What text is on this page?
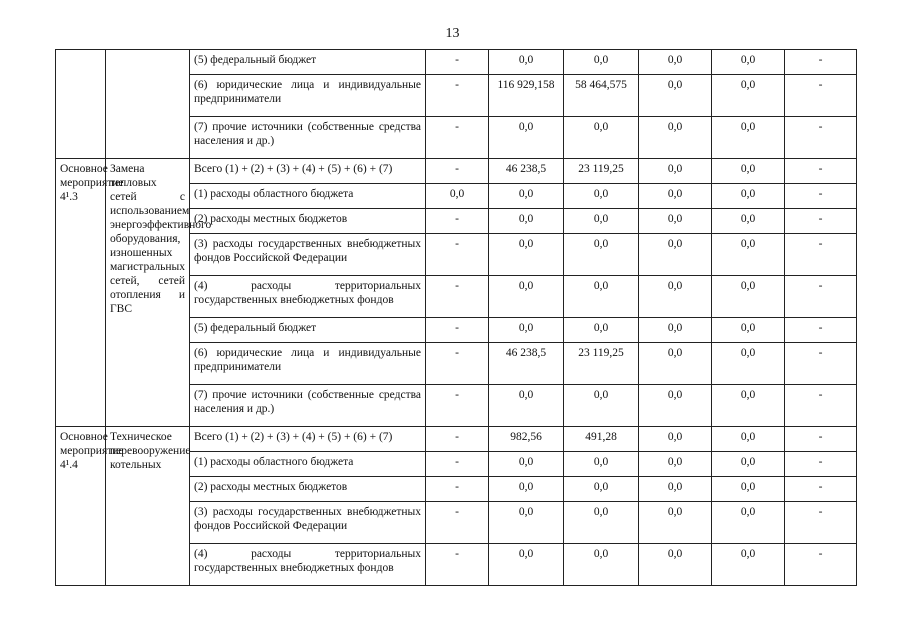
13
		(5) федеральный бюджет	-	0,0	0,0	0,0	0,0	-
		(6) юридические лица и индивидуальные предприниматели	-	116 929,158	58 464,575	0,0	0,0	-
		(7) прочие источники (собственные средства населения и др.)	-	0,0	0,0	0,0	0,0	-
Основное мероприятие 4¹.3	Замена тепловых сетей с использованием энергоэффективного оборудования, изношенных магистральных сетей, сетей отопления и ГВС	Всего (1) + (2) + (3) + (4) + (5) + (6) + (7)	-	46 238,5	23 119,25	0,0	0,0	-
		(1) расходы областного бюджета	0,0	0,0	0,0	0,0	0,0	-
		(2) расходы местных бюджетов	-	0,0	0,0	0,0	0,0	-
		(3) расходы государственных внебюджетных фондов Российской Федерации	-	0,0	0,0	0,0	0,0	-
		(4) расходы территориальных государственных внебюджетных фондов	-	0,0	0,0	0,0	0,0	-
		(5) федеральный бюджет	-	0,0	0,0	0,0	0,0	-
		(6) юридические лица и индивидуальные предприниматели	-	46 238,5	23 119,25	0,0	0,0	-
		(7) прочие источники (собственные средства населения и др.)	-	0,0	0,0	0,0	0,0	-
Основное мероприятие 4¹.4	Техническое перевооружение котельных	Всего (1) + (2) + (3) + (4) + (5) + (6) + (7)	-	982,56	491,28	0,0	0,0	-
		(1) расходы областного бюджета	-	0,0	0,0	0,0	0,0	-
		(2) расходы местных бюджетов	-	0,0	0,0	0,0	0,0	-
		(3) расходы государственных внебюджетных фондов Российской Федерации	-	0,0	0,0	0,0	0,0	-
		(4) расходы территориальных государственных внебюджетных фондов	-	0,0	0,0	0,0	0,0	-
